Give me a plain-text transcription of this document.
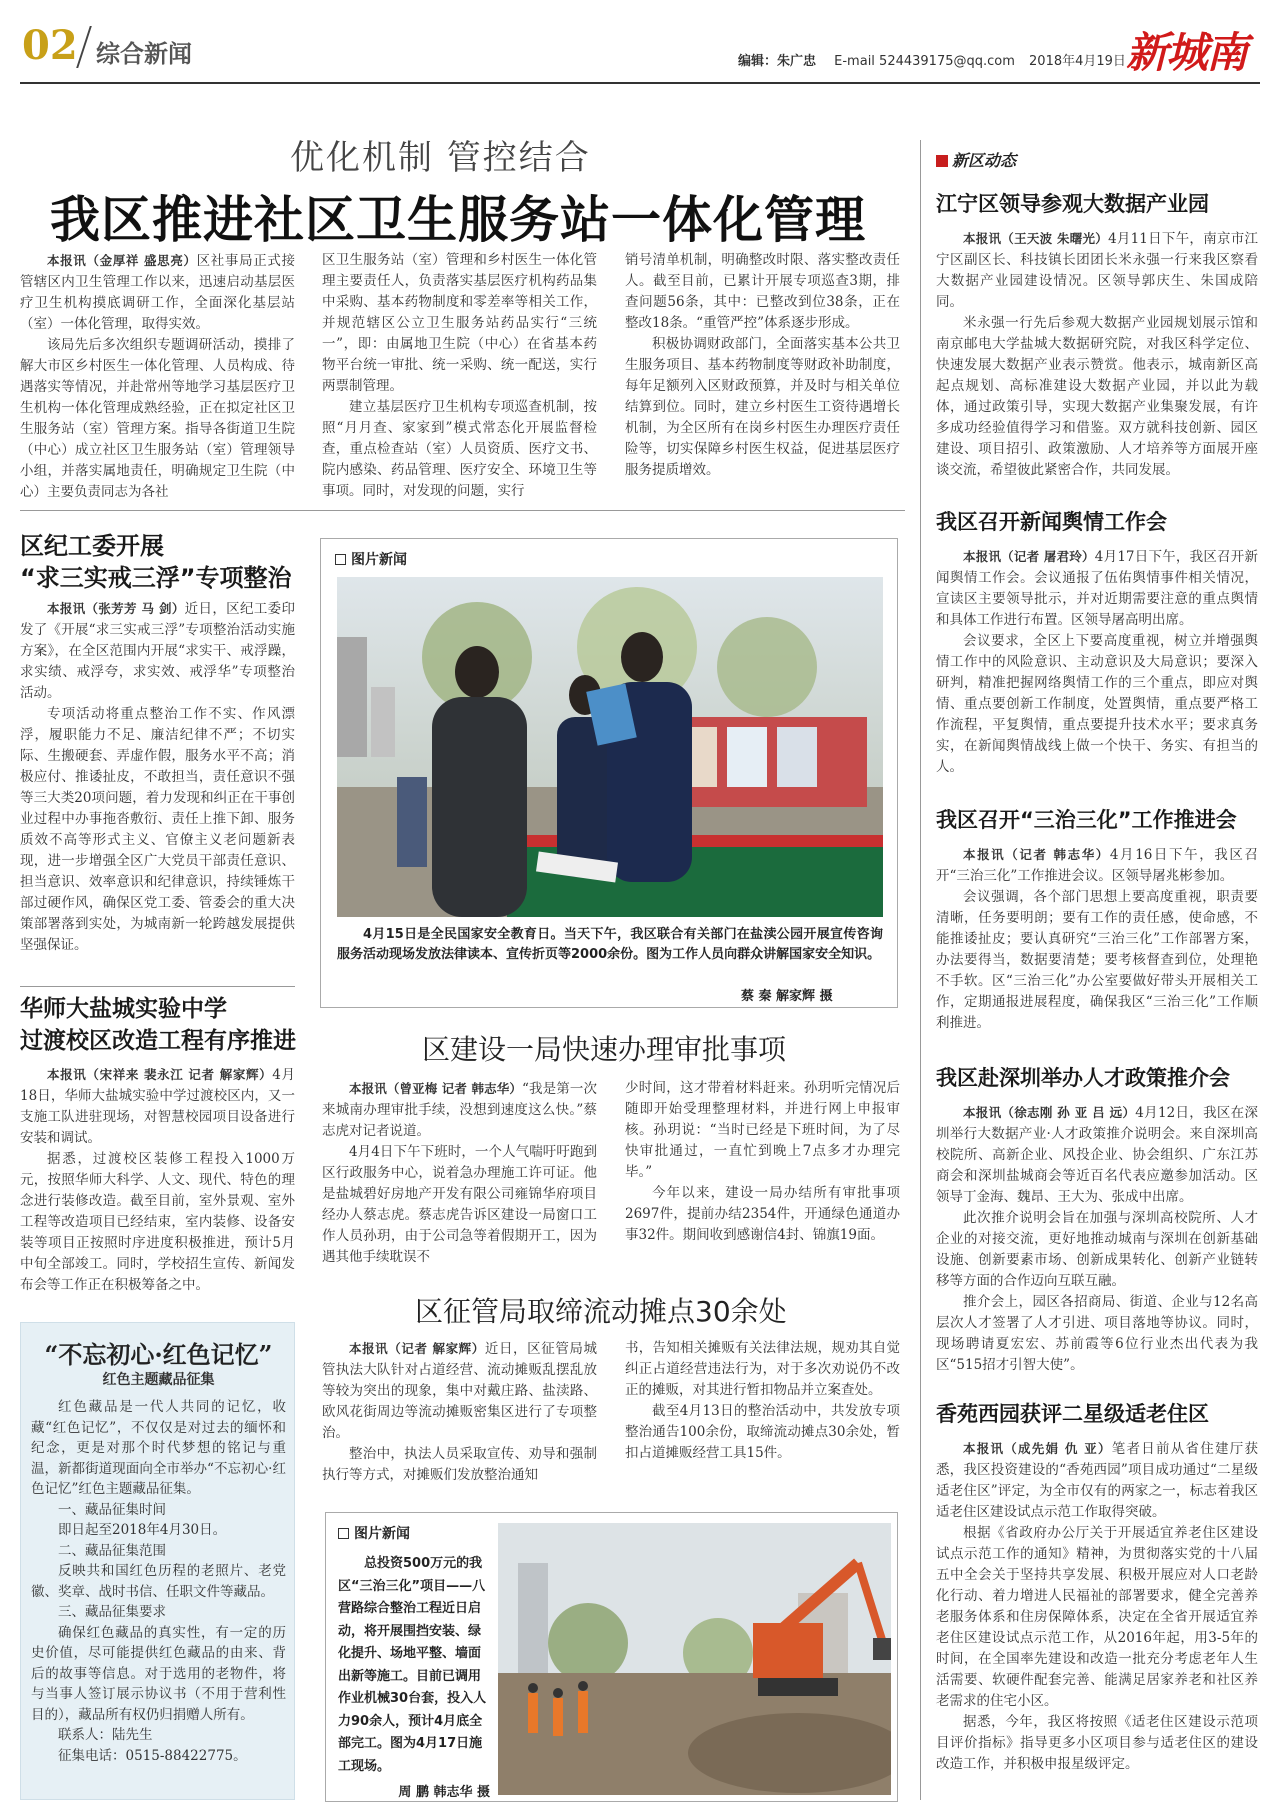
02 综合新闻	编辑：朱广忠 E-mail 524439175@qq.com 2018年4月19日 新城南
优化机制 管控结合
我区推进社区卫生服务站一体化管理

本报讯（金厚祥 盛思亮）区社事局正式接管辖区内卫生管理工作以来，迅速启动基层医疗卫生机构摸底调研工作，全面深化基层站（室）一体化管理，取得实效。

该局先后多次组织专题调研活动，摸排了解大市区乡村医生一体化管理、人员构成、待遇落实等情况，并赴常州等地学习基层医疗卫生机构一体化管理成熟经验，正在拟定社区卫生服务站（室）管理方案。指导各街道卫生院（中心）成立社区卫生服务站（室）管理领导小组，并落实属地责任，明确规定卫生院（中心）主要负责同志为各社

区卫生服务站（室）管理和乡村医生一体化管理主要责任人，负责落实基层医疗机构药品集中采购、基本药物制度和零差率等相关工作，并规范辖区公立卫生服务站药品实行“三统一”，即：由属地卫生院（中心）在省基本药物平台统一审批、统一采购、统一配送，实行两票制管理。

建立基层医疗卫生机构专项巡查机制，按照“月月查、家家到”模式常态化开展监督检查，重点检查站（室）人员资质、医疗文书、院内感染、药品管理、医疗安全、环境卫生等事项。同时，对发现的问题，实行

销号清单机制，明确整改时限、落实整改责任人。截至目前，已累计开展专项巡查3期，排查问题56条，其中：已整改到位38条，正在整改18条。“重管严控”体系逐步形成。

积极协调财政部门，全面落实基本公共卫生服务项目、基本药物制度等财政补助制度，每年足额列入区财政预算，并及时与相关单位结算到位。同时，建立乡村医生工资待遇增长机制，为全区所有在岗乡村医生办理医疗责任险等，切实保障乡村医生权益，促进基层医疗服务提质增效。

区纪工委开展
“求三实戒三浮”专项整治

本报讯（张芳芳 马 剑）近日，区纪工委印发了《开展“求三实戒三浮”专项整治活动实施方案》，在全区范围内开展“求实干、戒浮躁，求实绩、戒浮夸，求实效、戒浮华”专项整治活动。

专项活动将重点整治工作不实、作风漂浮，履职能力不足、廉洁纪律不严；不切实际、生搬硬套、弄虚作假，服务水平不高；消极应付、推诿扯皮，不敢担当，责任意识不强等三大类20项问题，着力发现和纠正在干事创业过程中办事拖沓敷衍、责任上推下卸、服务质效不高等形式主义、官僚主义老问题新表现，进一步增强全区广大党员干部责任意识、担当意识、效率意识和纪律意识，持续锤炼干部过硬作风，确保区党工委、管委会的重大决策部署落到实处，为城南新一轮跨越发展提供坚强保证。

华师大盐城实验中学
过渡校区改造工程有序推进

本报讯（宋祥来 裴永江 记者 解家辉）4月18日，华师大盐城实验中学过渡校区内，又一支施工队进驻现场，对智慧校园项目设备进行安装和调试。

据悉，过渡校区装修工程投入1000万元，按照华师大科学、人文、现代、特色的理念进行装修改造。截至目前，室外景观、室外工程等改造项目已经结束，室内装修、设备安装等项目正按照时序进度积极推进，预计5月中旬全部竣工。同时，学校招生宣传、新闻发布会等工作正在积极筹备之中。

图片新闻

4月15日是全民国家安全教育日。当天下午，我区联合有关部门在盐渎公园开展宣传咨询服务活动现场发放法律读本、宣传折页等2000余份。图为工作人员向群众讲解国家安全知识。

蔡 秦 解家辉 摄
区建设一局快速办理审批事项

本报讯（曾亚梅 记者 韩志华）“我是第一次来城南办理审批手续，没想到速度这么快。”蔡志虎对记者说道。

4月4日下午下班时，一个人气喘吁吁跑到区行政服务中心，说着急办理施工许可证。他是盐城碧好房地产开发有限公司雍锦华府项目经办人蔡志虎。蔡志虎告诉区建设一局窗口工作人员孙玥，由于公司急等着假期开工，因为遇其他手续耽误不

少时间，这才带着材料赶来。孙玥听完情况后随即开始受理整理材料，并进行网上申报审核。孙玥说：“当时已经是下班时间，为了尽快审批通过，一直忙到晚上7点多才办理完毕。”

今年以来，建设一局办结所有审批事项2697件，提前办结2354件，开通绿色通道办事32件。期间收到感谢信4封、锦旗19面。

区征管局取缔流动摊点30余处

本报讯（记者 解家辉）近日，区征管局城管执法大队针对占道经营、流动摊贩乱摆乱放等较为突出的现象，集中对戴庄路、盐渎路、欧风花街周边等流动摊贩密集区进行了专项整治。

整治中，执法人员采取宣传、劝导和强制执行等方式，对摊贩们发放整治通知

书，告知相关摊贩有关法律法规，规劝其自觉纠正占道经营违法行为，对于多次劝说仍不改正的摊贩，对其进行暂扣物品并立案查处。

截至4月13日的整治活动中，共发放专项整治通告100余份，取缔流动摊点30余处，暂扣占道摊贩经营工具15件。

“不忘初心·红色记忆”
红色主题藏品征集

红色藏品是一代人共同的记忆，收藏“红色记忆”，不仅仅是对过去的缅怀和纪念，更是对那个时代梦想的铭记与重温，新都街道现面向全市举办“不忘初心·红色记忆”红色主题藏品征集。

一、藏品征集时间

即日起至2018年4月30日。

二、藏品征集范围

反映共和国红色历程的老照片、老党徽、奖章、战时书信、任职文件等藏品。

三、藏品征集要求

确保红色藏品的真实性，有一定的历史价值，尽可能提供红色藏品的由来、背后的故事等信息。对于选用的老物件，将与当事人签订展示协议书（不用于营利性目的），藏品所有权仍归捐赠人所有。

联系人：陆先生

征集电话：0515-88422775。

图片新闻
总投资500万元的我区“三治三化”项目——八营路综合整治工程近日启动，将开展围挡安装、绿化提升、场地平整、墙面出新等施工。目前已调用作业机械30台套，投入人力90余人，预计4月底全部完工。图为4月17日施工现场。
周 鹏 韩志华 摄
新区动态
江宁区领导参观大数据产业园

本报讯（王天波 朱曙光）4月11日下午，南京市江宁区副区长、科技镇长团团长米永强一行来我区察看大数据产业园建设情况。区领导郭庆生、朱国成陪同。

米永强一行先后参观大数据产业园规划展示馆和南京邮电大学盐城大数据研究院，对我区科学定位、快速发展大数据产业表示赞赏。他表示，城南新区高起点规划、高标准建设大数据产业园，并以此为载体，通过政策引导，实现大数据产业集聚发展，有许多成功经验值得学习和借鉴。双方就科技创新、园区建设、项目招引、政策激励、人才培养等方面展开座谈交流，希望彼此紧密合作，共同发展。

我区召开新闻舆情工作会

本报讯（记者 屠君玲）4月17日下午，我区召开新闻舆情工作会。会议通报了伍佑舆情事件相关情况，宣读区主要领导批示，并对近期需要注意的重点舆情和具体工作进行布置。区领导屠高明出席。

会议要求，全区上下要高度重视，树立并增强舆情工作中的风险意识、主动意识及大局意识；要深入研判，精准把握网络舆情工作的三个重点，即应对舆情、重点要创新工作制度，处置舆情，重点要严格工作流程，平复舆情，重点要提升技术水平；要求真务实，在新闻舆情战线上做一个快干、务实、有担当的人。

我区召开“三治三化”工作推进会

本报讯（记者 韩志华）4月16日下午，我区召开“三治三化”工作推进会议。区领导屠兆彬参加。

会议强调，各个部门思想上要高度重视，职责要清晰，任务要明朗；要有工作的责任感，使命感，不能推诿扯皮；要认真研究“三治三化”工作部署方案，办法要得当，数据要清楚；要考核督查到位，处理艳不手软。区“三治三化”办公室要做好带头开展相关工作，定期通报进展程度，确保我区“三治三化”工作顺利推进。

我区赴深圳举办人才政策推介会

本报讯（徐志刚 孙 亚 吕 远）4月12日，我区在深圳举行大数据产业·人才政策推介说明会。来自深圳高校院所、高新企业、风投企业、协会组织、广东江苏商会和深圳盐城商会等近百名代表应邀参加活动。区领导丁金海、魏昂、王大为、张成中出席。

此次推介说明会旨在加强与深圳高校院所、人才企业的对接交流，更好地推动城南与深圳在创新基础设施、创新要素市场、创新成果转化、创新产业链转移等方面的合作迈向互联互融。

推介会上，园区各招商局、街道、企业与12名高层次人才签署了人才引进、项目落地等协议。同时，现场聘请夏宏宏、苏前霞等6位行业杰出代表为我区“515招才引智大使”。

香苑西园获评二星级适老住区

本报讯（成先娟 仇 亚）笔者日前从省住建厅获悉，我区投资建设的“香苑西园”项目成功通过“二星级适老住区”评定，为全市仅有的两家之一，标志着我区适老住区建设试点示范工作取得突破。

根据《省政府办公厅关于开展适宜养老住区建设试点示范工作的通知》精神，为贯彻落实党的十八届五中全会关于坚持共享发展、积极开展应对人口老龄化行动、着力增进人民福祉的部署要求，健全完善养老服务体系和住房保障体系，决定在全省开展适宜养老住区建设试点示范工作，从2016年起，用3-5年的时间，在全国率先建设和改造一批充分考虑老年人生活需要、软硬件配套完善、能满足居家养老和社区养老需求的住宅小区。

据悉，今年，我区将按照《适老住区建设示范项目评价指标》指导更多小区项目参与适老住区的建设改造工作，并积极申报星级评定。
